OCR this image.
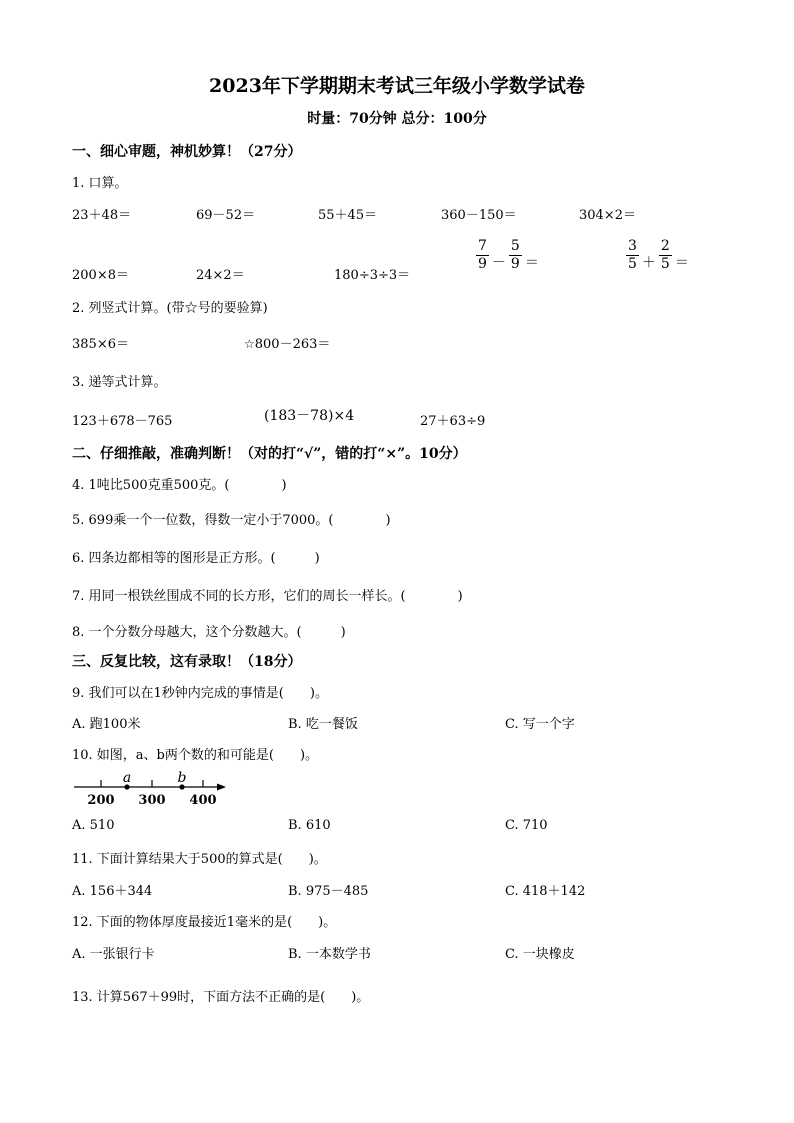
2023年下学期期末考试三年级小学数学试卷
时量：70分钟 总分：100分
一、细心审题，神机妙算！（27分）
1. 口算。
23＋48＝	69－52＝	55＋45＝	360－150＝	304×2＝
200×8＝	24×2＝	180÷3÷3＝
$\frac{7}{9} - \frac{5}{9}$ ＝	$\frac{3}{5} + \frac{2}{5}$ ＝
2. 列竖式计算。(带☆号的要验算)
385×6＝	☆800－263＝
3. 递等式计算。
123＋678－765	(183－78)×4	27＋63÷9
二、仔细推敲，准确判断！（对的打“√”，错的打“×”。10分）
4. 1吨比500克重500克。(　　　　)
5. 699乘一个一位数，得数一定小于7000。(　　　　)
6. 四条边都相等的图形是正方形。(　　　)
7. 用同一根铁丝围成不同的长方形，它们的周长一样长。(　　　　)
8. 一个分数分母越大，这个分数越大。(　　　)
三、反复比较，这有录取！（18分）
9. 我们可以在1秒钟内完成的事情是(　　)。
A. 跑100米	B. 吃一餐饭	C. 写一个字
10. 如图，a、b两个数的和可能是(　　)。
a	b
200 300 400
A. 510	B. 610	C. 710
11. 下面计算结果大于500的算式是(　　)。
A. 156＋344	B. 975－485	C. 418＋142
12. 下面的物体厚度最接近1毫米的是(　　)。
A. 一张银行卡	B. 一本数学书	C. 一块橡皮
13. 计算567＋99时，下面方法不正确的是(　　)。
